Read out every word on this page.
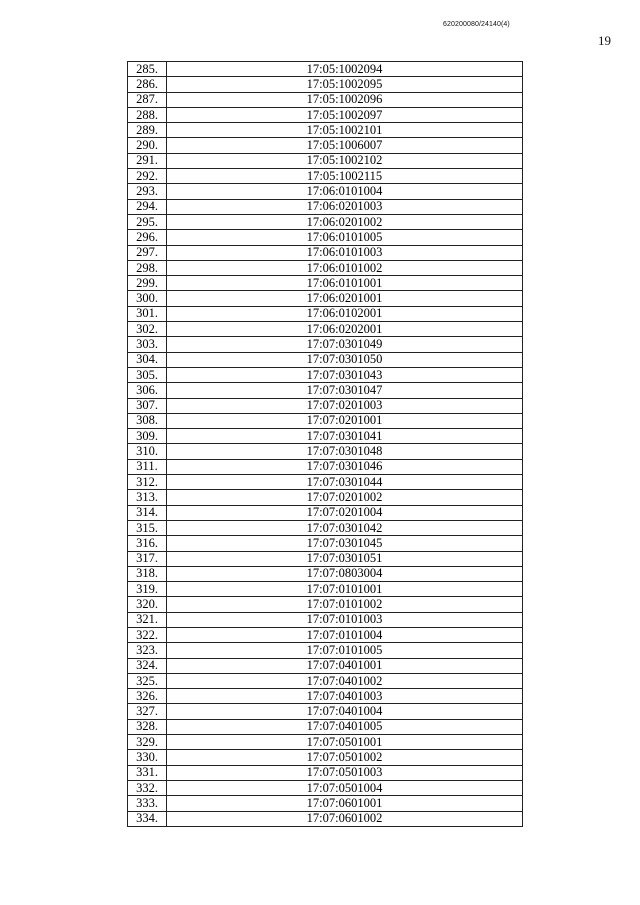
620200080/24140(4)
19
285.	17:05:1002094
286.	17:05:1002095
287.	17:05:1002096
288.	17:05:1002097
289.	17:05:1002101
290.	17:05:1006007
291.	17:05:1002102
292.	17:05:1002115
293.	17:06:0101004
294.	17:06:0201003
295.	17:06:0201002
296.	17:06:0101005
297.	17:06:0101003
298.	17:06:0101002
299.	17:06:0101001
300.	17:06:0201001
301.	17:06:0102001
302.	17:06:0202001
303.	17:07:0301049
304.	17:07:0301050
305.	17:07:0301043
306.	17:07:0301047
307.	17:07:0201003
308.	17:07:0201001
309.	17:07:0301041
310.	17:07:0301048
311.	17:07:0301046
312.	17:07:0301044
313.	17:07:0201002
314.	17:07:0201004
315.	17:07:0301042
316.	17:07:0301045
317.	17:07:0301051
318.	17:07:0803004
319.	17:07:0101001
320.	17:07:0101002
321.	17:07:0101003
322.	17:07:0101004
323.	17:07:0101005
324.	17:07:0401001
325.	17:07:0401002
326.	17:07:0401003
327.	17:07:0401004
328.	17:07:0401005
329.	17:07:0501001
330.	17:07:0501002
331.	17:07:0501003
332.	17:07:0501004
333.	17:07:0601001
334.	17:07:0601002
